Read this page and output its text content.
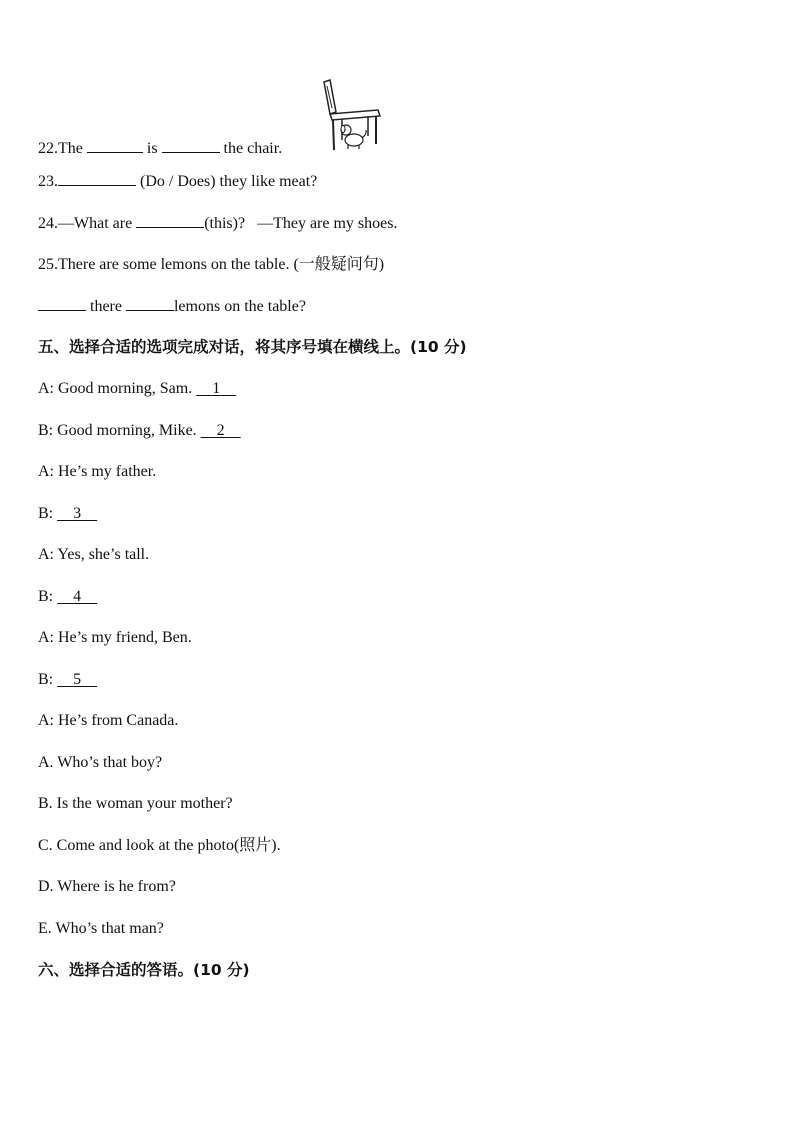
22.The	is	the chair.
23.	(Do / Does) they like meat?
24.—What are	(this)? —They are my shoes.
25.There are some lemons on the table. (一般疑问句)
there	lemons on the table?
五、选择合适的选项完成对话，将其序号填在横线上。(10 分)
A: Good morning, Sam. 1
B: Good morning, Mike. 2
A: He’s my father.
B: 3
A: Yes, she’s tall.
B: 4
A: He’s my friend, Ben.
B: 5
A: He’s from Canada.
A. Who’s that boy?
B. Is the woman your mother?
C. Come and look at the photo(照片).
D. Where is he from?
E. Who’s that man?
六、选择合适的答语。(10 分)
